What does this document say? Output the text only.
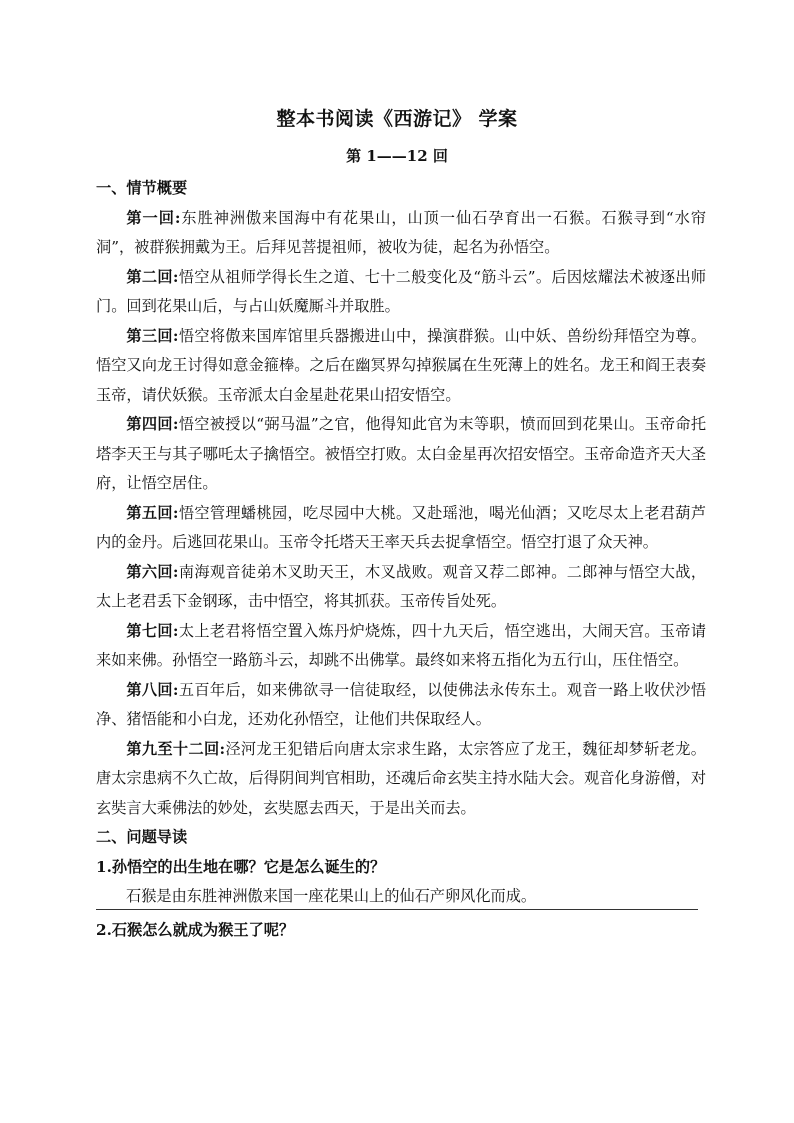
整本书阅读《西游记》 学案
第 1——12 回

一、情节概要

第一回:东胜神洲傲来国海中有花果山，山顶一仙石孕育出一石猴。石猴寻到“水帘洞”，被群猴拥戴为王。后拜见菩提祖师，被收为徒，起名为孙悟空。

第二回:悟空从祖师学得长生之道、七十二般变化及“筋斗云”。后因炫耀法术被逐出师门。回到花果山后，与占山妖魔厮斗并取胜。

第三回:悟空将傲来国库馆里兵器搬进山中，操演群猴。山中妖、兽纷纷拜悟空为尊。悟空又向龙王讨得如意金箍棒。之后在幽冥界勾掉猴属在生死薄上的姓名。龙王和阎王表奏玉帝，请伏妖猴。玉帝派太白金星赴花果山招安悟空。

第四回:悟空被授以“弼马温”之官，他得知此官为末等职，愤而回到花果山。玉帝命托塔李天王与其子哪吒太子擒悟空。被悟空打败。太白金星再次招安悟空。玉帝命造齐天大圣府，让悟空居住。

第五回:悟空管理蟠桃园，吃尽园中大桃。又赴瑶池，喝光仙酒；又吃尽太上老君葫芦内的金丹。后逃回花果山。玉帝令托塔天王率天兵去捉拿悟空。悟空打退了众天神。

第六回:南海观音徒弟木叉助天王，木叉战败。观音又荐二郎神。二郎神与悟空大战，太上老君丢下金钢琢，击中悟空，将其抓获。玉帝传旨处死。

第七回:太上老君将悟空置入炼丹炉烧炼，四十九天后，悟空逃出，大闹天宫。玉帝请来如来佛。孙悟空一路筋斗云，却跳不出佛掌。最终如来将五指化为五行山，压住悟空。

第八回:五百年后，如来佛欲寻一信徒取经，以使佛法永传东土。观音一路上收伏沙悟净、猪悟能和小白龙，还劝化孙悟空，让他们共保取经人。

第九至十二回:泾河龙王犯错后向唐太宗求生路，太宗答应了龙王，魏征却梦斩老龙。唐太宗患病不久亡故，后得阴间判官相助，还魂后命玄奘主持水陆大会。观音化身游僧，对玄奘言大乘佛法的妙处，玄奘愿去西天，于是出关而去。

二、问题导读

1.孙悟空的出生地在哪？它是怎么诞生的？

石猴是由东胜神洲傲来国一座花果山上的仙石产卵风化而成。

2.石猴怎么就成为猴王了呢？
